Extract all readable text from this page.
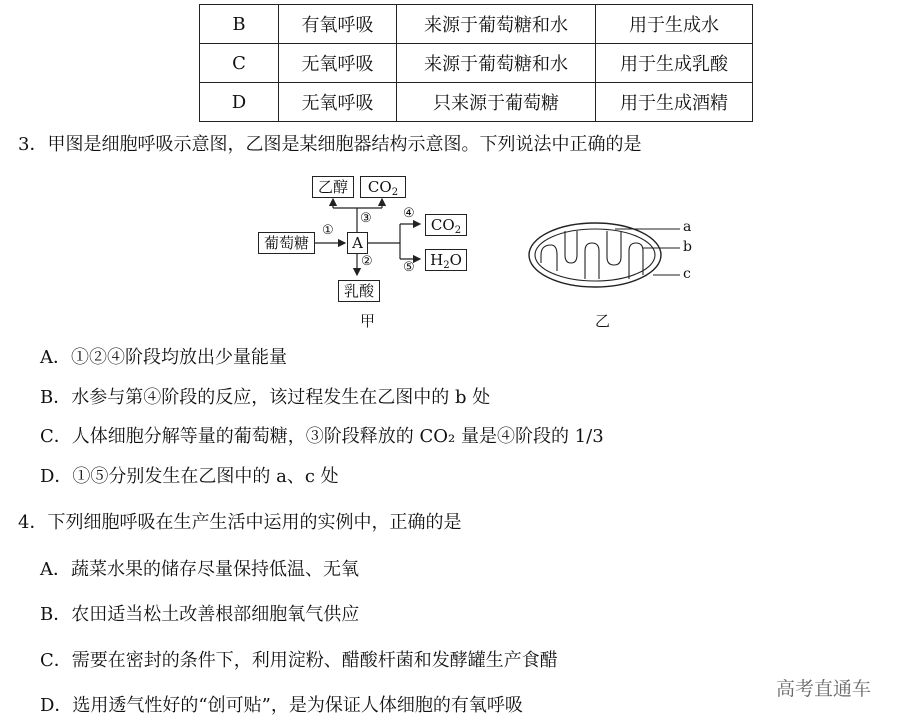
B	有氧呼吸	来源于葡萄糖和水	用于生成水
C	无氧呼吸	来源于葡萄糖和水	用于生成乳酸
D	无氧呼吸	只来源于葡萄糖	用于生成酒精
3．甲图是细胞呼吸示意图，乙图是某细胞器结构示意图。下列说法中正确的是
乙醇	$CO_2$
葡萄糖	A
$CO_2$
$H_2O$
乳酸
①
②
③ ④
⑤
甲
a
b
c
乙
A．①②④阶段均放出少量能量
B．水参与第④阶段的反应，该过程发生在乙图中的 b 处
C．人体细胞分解等量的葡萄糖，③阶段释放的 CO₂ 量是④阶段的 1/3
D．①⑤分别发生在乙图中的 a、c 处
4．下列细胞呼吸在生产生活中运用的实例中，正确的是
A．蔬菜水果的储存尽量保持低温、无氧
B．农田适当松土改善根部细胞氧气供应
C．需要在密封的条件下，利用淀粉、醋酸杆菌和发酵罐生产食醋
D．选用透气性好的“创可贴”，是为保证人体细胞的有氧呼吸
高考直通车
